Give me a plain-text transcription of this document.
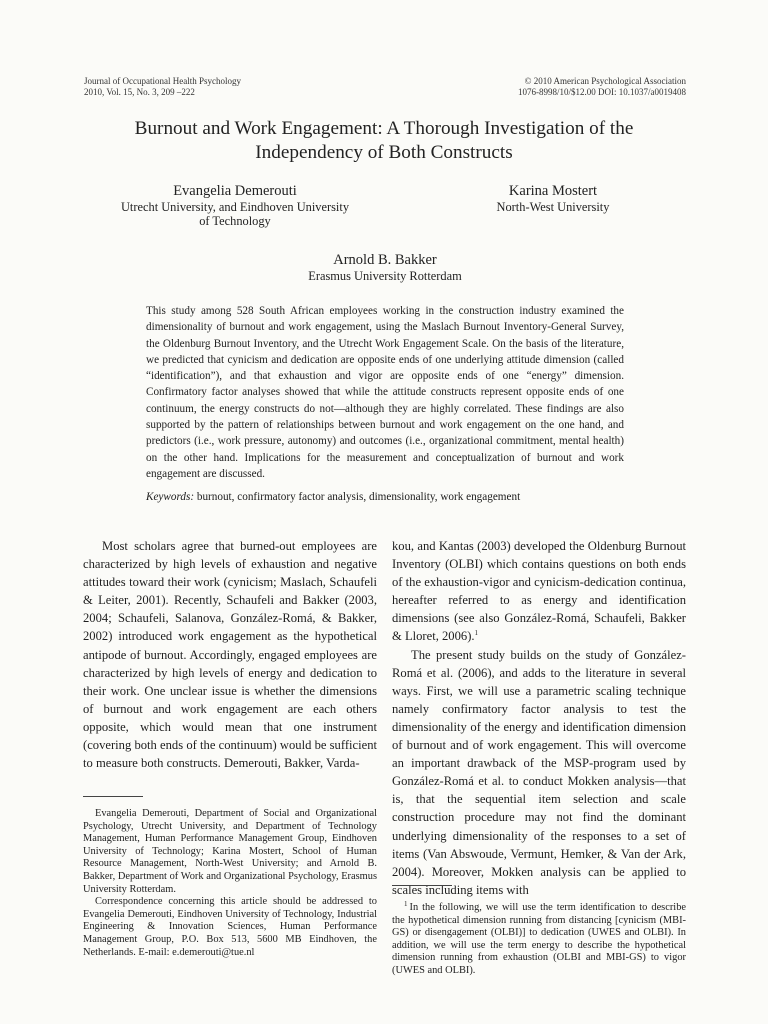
Journal of Occupational Health Psychology
2010, Vol. 15, No. 3, 209 –222
© 2010 American Psychological Association
1076-8998/10/$12.00 DOI: 10.1037/a0019408
Burnout and Work Engagement: A Thorough Investigation of the
Independency of Both Constructs
Evangelia Demerouti
Utrecht University, and Eindhoven University
of Technology
Karina Mostert
North-West University
Arnold B. Bakker
Erasmus University Rotterdam
This study among 528 South African employees working in the construction industry examined the dimensionality of burnout and work engagement, using the Maslach Burnout Inventory-General Survey, the Oldenburg Burnout Inventory, and the Utrecht Work Engagement Scale. On the basis of the literature, we predicted that cynicism and dedication are opposite ends of one underlying attitude dimension (called “identification”), and that exhaustion and vigor are opposite ends of one “energy” dimension. Confirmatory factor analyses showed that while the attitude constructs represent opposite ends of one continuum, the energy constructs do not—although they are highly correlated. These findings are also supported by the pattern of relationships between burnout and work engagement on the one hand, and predictors (i.e., work pressure, autonomy) and outcomes (i.e., organizational commitment, mental health) on the other hand. Implications for the measurement and conceptualization of burnout and work engagement are discussed.
Keywords: burnout, confirmatory factor analysis, dimensionality, work engagement

Most scholars agree that burned-out employees are characterized by high levels of exhaustion and negative attitudes toward their work (cynicism; Maslach, Schaufeli & Leiter, 2001). Recently, Schaufeli and Bakker (2003, 2004; Schaufeli, Salanova, González-Romá, & Bakker, 2002) introduced work engagement as the hypothetical antipode of burnout. Accordingly, engaged employees are characterized by high levels of energy and dedication to their work. One unclear issue is whether the dimensions of burnout and work engagement are each others opposite, which would mean that one instrument (covering both ends of the continuum) would be sufficient to measure both constructs. Demerouti, Bakker, Varda-

kou, and Kantas (2003) developed the Oldenburg Burnout Inventory (OLBI) which contains questions on both ends of the exhaustion-vigor and cynicism-dedication continua, hereafter referred to as energy and identification dimensions (see also González-Romá, Schaufeli, Bakker & Lloret, 2006).$^1$

The present study builds on the study of González-Romá et al. (2006), and adds to the literature in several ways. First, we will use a parametric scaling technique namely confirmatory factor analysis to test the dimensionality of the energy and identification dimension of burnout and of work engagement. This will overcome an important drawback of the MSP-program used by González-Romá et al. to conduct Mokken analysis—that is, that the sequential item selection and scale construction procedure may not find the dominant underlying dimensionality of the responses to a set of items (Van Abswoude, Vermunt, Hemker, & Van der Ark, 2004). Moreover, Mokken analysis can be applied to scales including items with

Evangelia Demerouti, Department of Social and Organizational Psychology, Utrecht University, and Department of Technology Management, Human Performance Management Group, Eindhoven University of Technology; Karina Mostert, School of Human Resource Management, North-West University; and Arnold B. Bakker, Department of Work and Organizational Psychology, Erasmus University Rotterdam.

Correspondence concerning this article should be addressed to Evangelia Demerouti, Eindhoven University of Technology, Industrial Engineering & Innovation Sciences, Human Performance Management Group, P.O. Box 513, 5600 MB Eindhoven, the Netherlands. E-mail: e.demerouti@tue.nl

$^1$ In the following, we will use the term identification to describe the hypothetical dimension running from distancing [cynicism (MBI-GS) or disengagement (OLBI)] to dedication (UWES and OLBI). In addition, we will use the term energy to describe the hypothetical dimension running from exhaustion (OLBI and MBI-GS) to vigor (UWES and OLBI).
